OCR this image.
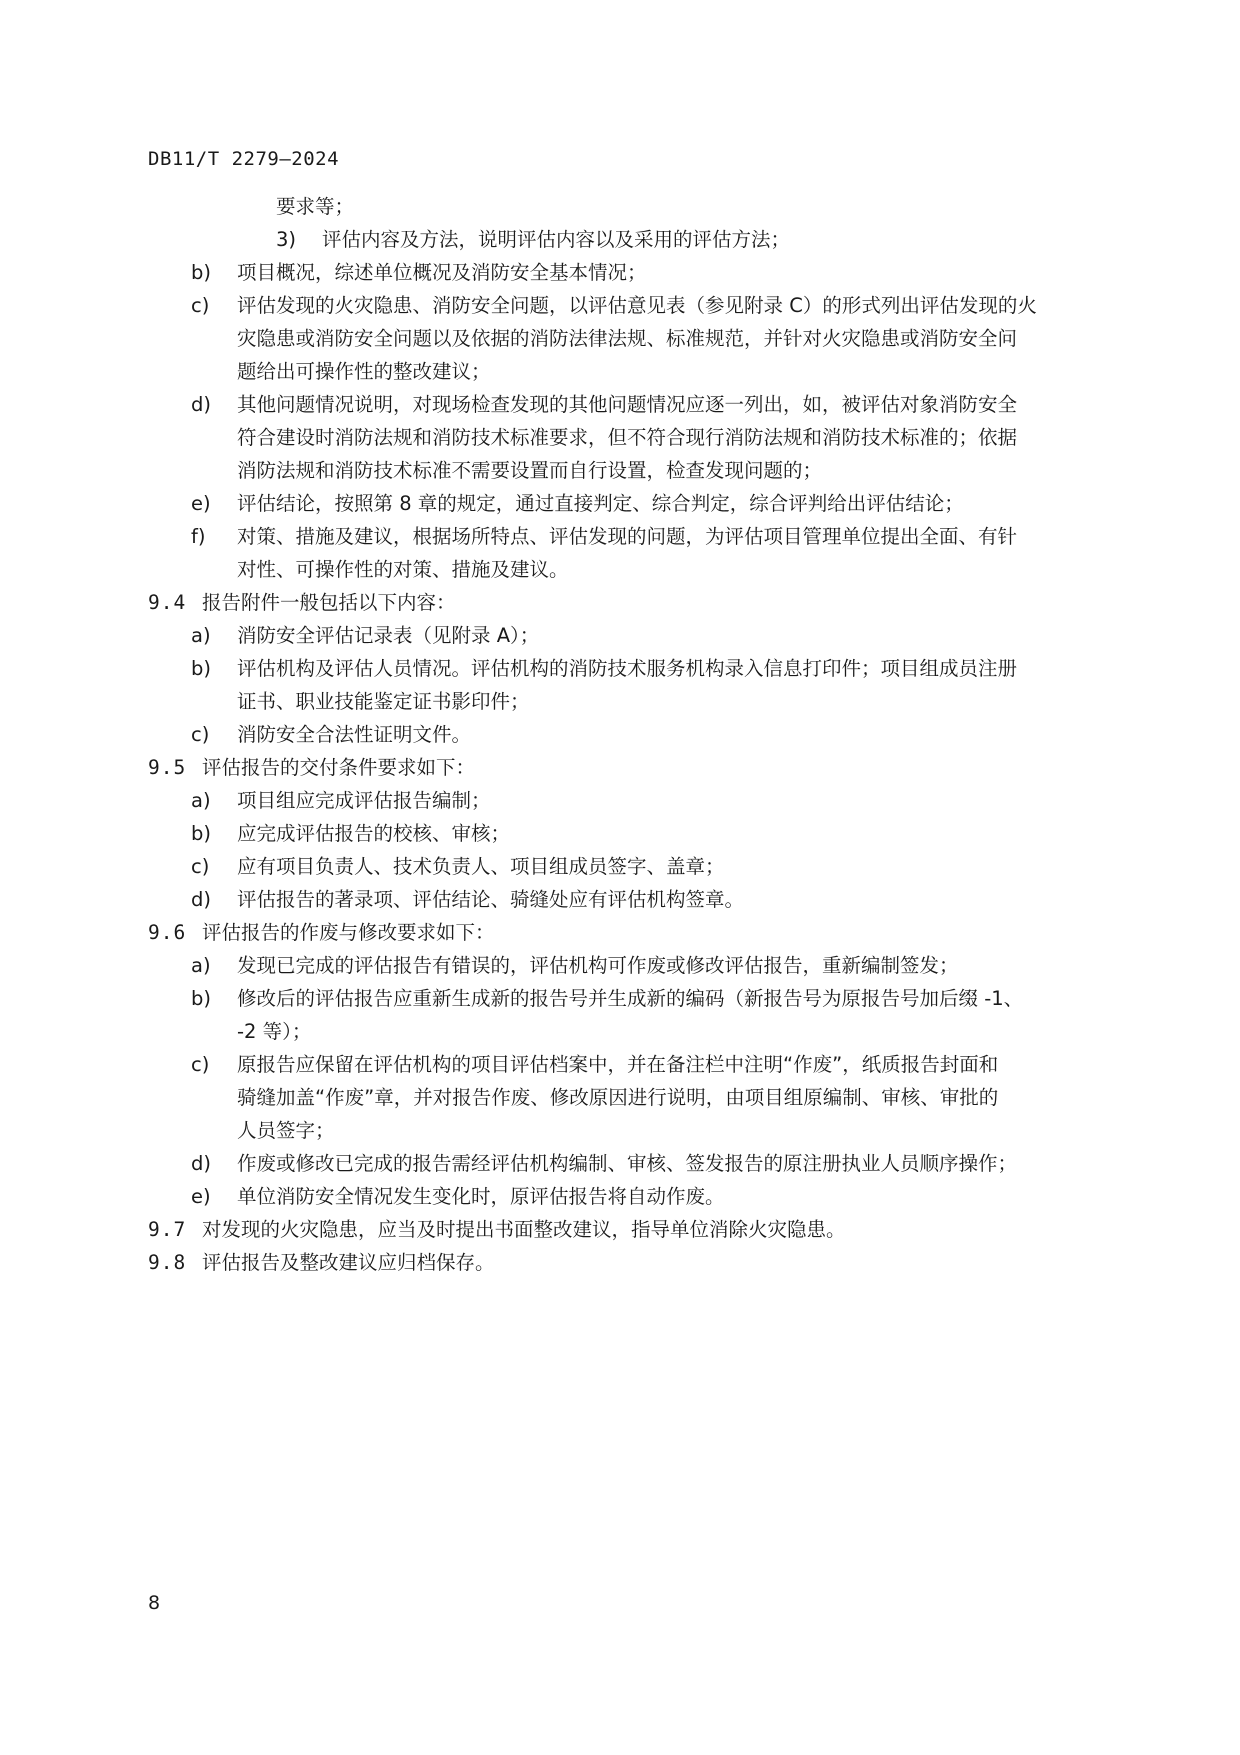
DB11/T 2279—2024
要求等；
3) 评估内容及方法，说明评估内容以及采用的评估方法；
b) 项目概况，综述单位概况及消防安全基本情况；
c) 评估发现的火灾隐患、消防安全问题，以评估意见表（参见附录 C）的形式列出评估发现的火
灾隐患或消防安全问题以及依据的消防法律法规、标准规范，并针对火灾隐患或消防安全问
题给出可操作性的整改建议；
d) 其他问题情况说明，对现场检查发现的其他问题情况应逐一列出，如，被评估对象消防安全
符合建设时消防法规和消防技术标准要求，但不符合现行消防法规和消防技术标准的；依据
消防法规和消防技术标准不需要设置而自行设置，检查发现问题的；
e) 评估结论，按照第 8 章的规定，通过直接判定、综合判定，综合评判给出评估结论；
f) 对策、措施及建议，根据场所特点、评估发现的问题，为评估项目管理单位提出全面、有针
对性、可操作性的对策、措施及建议。
9.4 报告附件一般包括以下内容：
a) 消防安全评估记录表（见附录 A）；
b) 评估机构及评估人员情况。评估机构的消防技术服务机构录入信息打印件；项目组成员注册
证书、职业技能鉴定证书影印件；
c) 消防安全合法性证明文件。
9.5 评估报告的交付条件要求如下：
a) 项目组应完成评估报告编制；
b) 应完成评估报告的校核、审核；
c) 应有项目负责人、技术负责人、项目组成员签字、盖章；
d) 评估报告的著录项、评估结论、骑缝处应有评估机构签章。
9.6 评估报告的作废与修改要求如下：
a) 发现已完成的评估报告有错误的，评估机构可作废或修改评估报告，重新编制签发；
b) 修改后的评估报告应重新生成新的报告号并生成新的编码（新报告号为原报告号加后缀 -1、
-2 等）；
c) 原报告应保留在评估机构的项目评估档案中，并在备注栏中注明“作废”，纸质报告封面和
骑缝加盖“作废”章，并对报告作废、修改原因进行说明，由项目组原编制、审核、审批的
人员签字；
d) 作废或修改已完成的报告需经评估机构编制、审核、签发报告的原注册执业人员顺序操作；
e) 单位消防安全情况发生变化时，原评估报告将自动作废。
9.7 对发现的火灾隐患，应当及时提出书面整改建议，指导单位消除火灾隐患。
9.8 评估报告及整改建议应归档保存。
8
